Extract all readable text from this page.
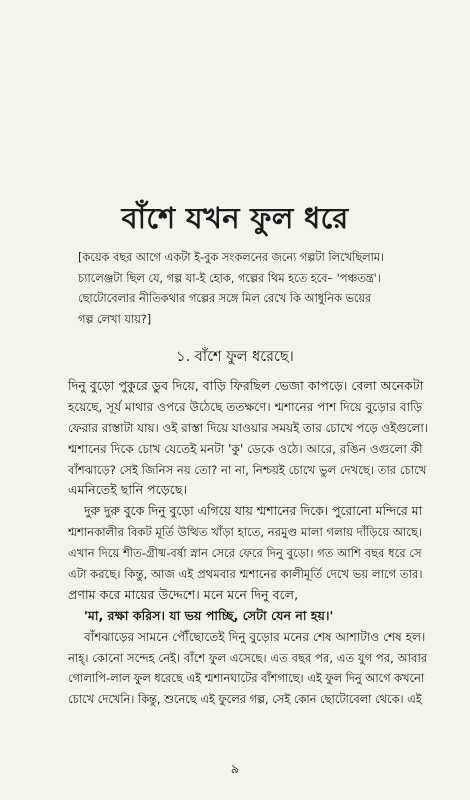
বাঁশে যখন ফুল ধরে
[কয়েক বছর আগে একটা ই-বুক সংকলনের জন্যে গল্পটা লিখেছিলাম।
চ্যালেঞ্জটা ছিল যে, গল্প যা-ই হোক, গল্পের থিম হতে হবে– 'পঞ্চতন্ত্র'।
ছোটোবেলার নীতিকথার গল্পের সঙ্গে মিল রেখে কি আধুনিক ভয়ের
গল্প লেখা যায়?]
১. বাঁশে ফুল ধরেছে।
দিনু বুড়ো পুকুরে ডুব দিয়ে, বাড়ি ফিরছিল ভেজা কাপড়ে। বেলা অনেকটা
হয়েছে, সূর্য মাথার ওপরে উঠেছে ততক্ষণে। শ্মশানের পাশ দিয়ে বুড়োর বাড়ি
ফেরার রাস্তাটা যায়। ওই রাস্তা দিয়ে যাওয়ার সময়ই তার চোখে পড়ে ওইগুলো।
শ্মশানের দিকে চোখ যেতেই মনটা 'কু' ডেকে ওঠে। আরে, রঙিন ওগুলো কী
বাঁশঝাড়ে? সেই জিনিস নয় তো? না না, নিশ্চয়ই চোখে ভুল দেখছে। তার চোখে
এমনিতেই ছানি পড়েছে।
দুরু দুরু বুকে দিনু বুড়ো এগিয়ে যায় শ্মশানের দিকে। পুরোনো মন্দিরে মা
শ্মশানকালীর বিকট মূর্তি উত্থিত খাঁড়া হাতে, নরমুণ্ড মালা গলায় দাঁড়িয়ে আছে।
এখান দিয়ে শীত-গ্রীষ্ম-বর্ষা স্নান সেরে ফেরে দিনু বুড়ো। গত আশি বছর ধরে সে
এটা করছে। কিন্তু, আজ এই প্রথমবার শ্মশানের কালীমূর্তি দেখে ভয় লাগে তার।
প্রণাম করে মায়ের উদ্দেশে। মনে মনে দিনু বলে,
'মা, রক্ষা করিস। যা ভয় পাচ্ছি, সেটা যেন না হয়।'
বাঁশঝাড়ের সামনে পৌঁছোতেই দিনু বুড়োর মনের শেষ আশাটাও শেষ হল।
নাহ্‌। কোনো সন্দেহ নেই। বাঁশে ফুল এসেছে। এত বছর পর, এত যুগ পর, আবার
গোলাপি-লাল ফুল ধরেছে এই শ্মশানঘাটের বাঁশগাছে। এই ফুল দিনু আগে কখনো
চোখে দেখেনি। কিন্তু, শুনেছে এই ফুলের গল্প, সেই কোন ছোটোবেলা থেকে। এই
৯
